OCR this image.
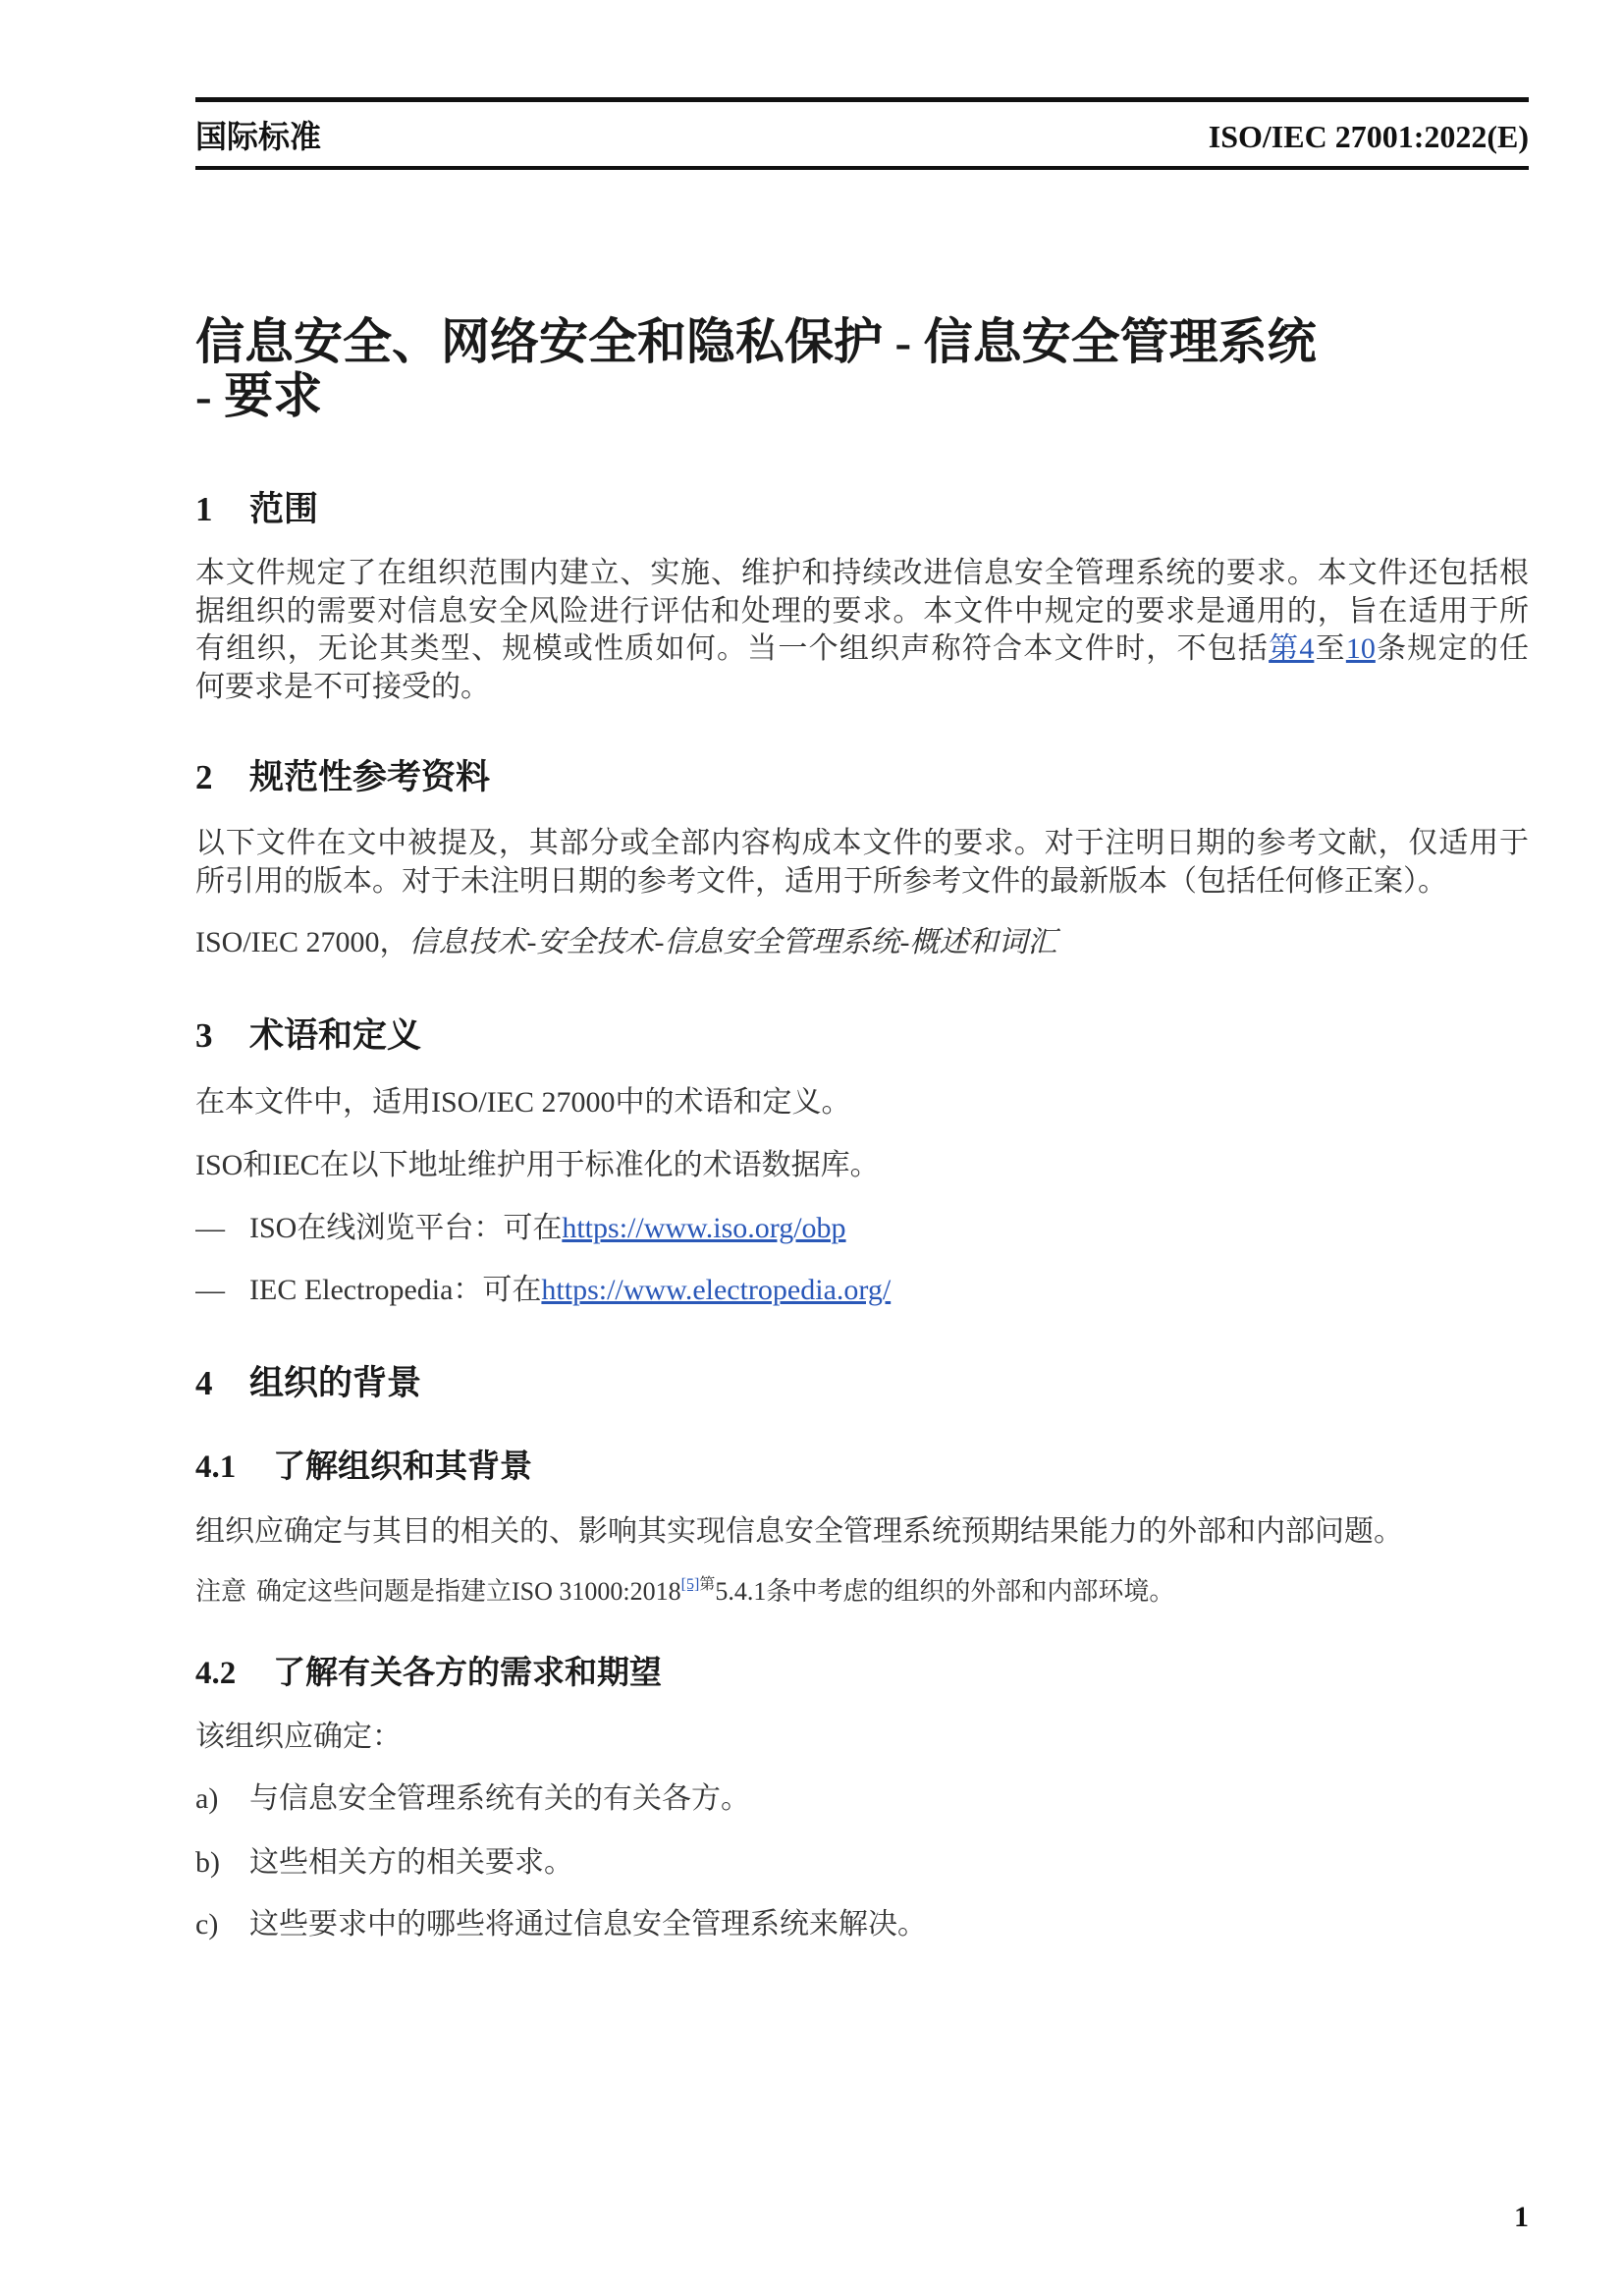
国际标准	ISO/IEC 27001:2022(E)
信息安全、网络安全和隐私保护 - 信息安全管理系统
- 要求
1 范围
本文件规定了在组织范围内建立、实施、维护和持续改进信息安全管理系统的要求。本文件还包括根
据组织的需要对信息安全风险进行评估和处理的要求。本文件中规定的要求是通用的，旨在适用于所
有组织，无论其类型、规模或性质如何。当一个组织声称符合本文件时，不包括第4至10条规定的任
何要求是不可接受的。
2 规范性参考资料
以下文件在文中被提及，其部分或全部内容构成本文件的要求。对于注明日期的参考文献，仅适用于
所引用的版本。对于未注明日期的参考文件，适用于所参考文件的最新版本（包括任何修正案）。
ISO/IEC 27000，信息技术-安全技术-信息安全管理系统-概述和词汇
3 术语和定义
在本文件中，适用ISO/IEC 27000中的术语和定义。
ISO和IEC在以下地址维护用于标准化的术语数据库。
— ISO在线浏览平台：可在https://www.iso.org/obp
— IEC Electropedia：可在https://www.electropedia.org/
4 组织的背景
4.1 了解组织和其背景
组织应确定与其目的相关的、影响其实现信息安全管理系统预期结果能力的外部和内部问题。
注意 确定这些问题是指建立ISO 31000:2018$^{[5]第}$5.4.1条中考虑的组织的外部和内部环境。
4.2 了解有关各方的需求和期望
该组织应确定：
a) 与信息安全管理系统有关的有关各方。
b) 这些相关方的相关要求。
c) 这些要求中的哪些将通过信息安全管理系统来解决。
1
